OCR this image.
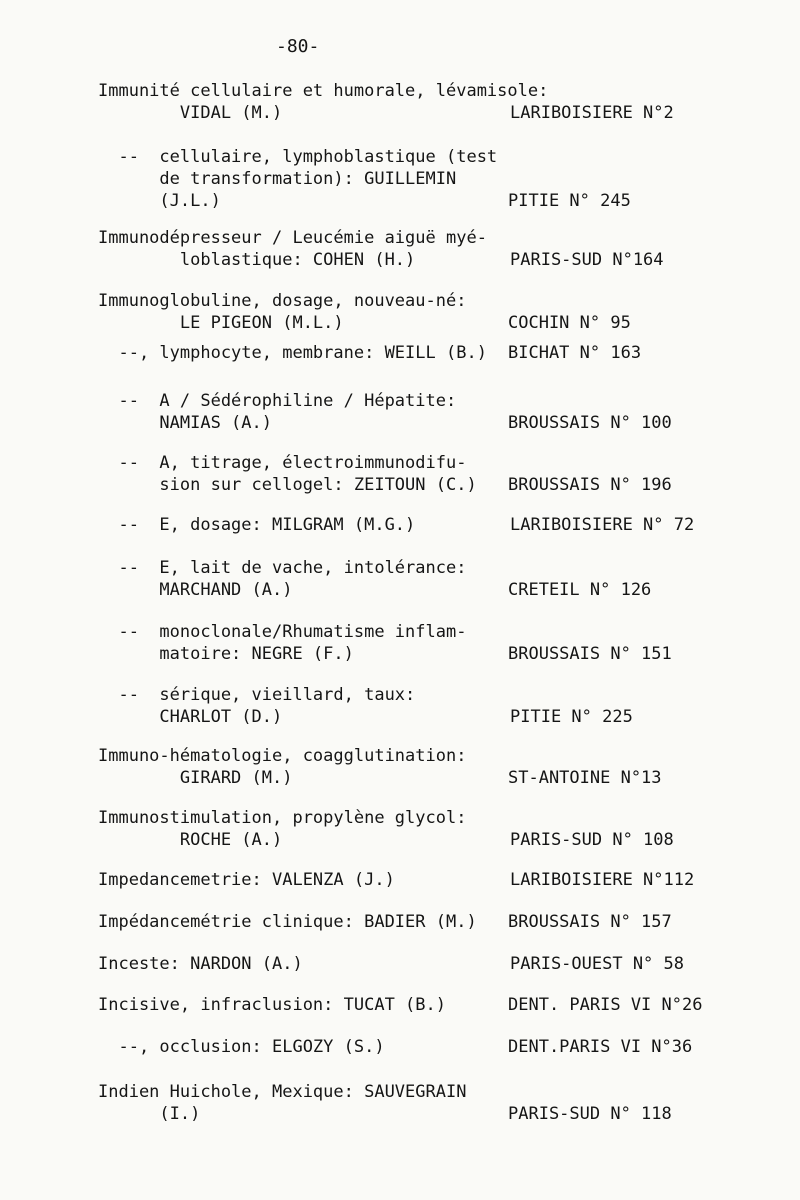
-80-
Immunité cellulaire et humorale, lévamisole:
VIDAL (M.)	LARIBOISIERE N°2
--  cellulaire, lymphoblastique (test
de transformation): GUILLEMIN
(J.L.)	PITIE N° 245
Immunodépresseur / Leucémie aiguë myé-
loblastique: COHEN (H.)	PARIS-SUD N°164
Immunoglobuline, dosage, nouveau-né:
LE PIGEON (M.L.)	COCHIN N° 95
--, lymphocyte, membrane: WEILL (B.) BICHAT N° 163
--  A / Sédérophiline / Hépatite:
NAMIAS (A.)	BROUSSAIS N° 100
--  A, titrage, électroimmunodifu-
sion sur cellogel: ZEITOUN (C.) BROUSSAIS N° 196
--  E, dosage: MILGRAM (M.G.)	LARIBOISIERE N° 72
--  E, lait de vache, intolérance:
MARCHAND (A.)	CRETEIL N° 126
--  monoclonale/Rhumatisme inflam-
matoire: NEGRE (F.)	BROUSSAIS N° 151
--  sérique, vieillard, taux:
CHARLOT (D.)	PITIE N° 225
Immuno-hématologie, coagglutination:
GIRARD (M.)	ST-ANTOINE N°13
Immunostimulation, propylène glycol:
ROCHE (A.)	PARIS-SUD N° 108
Impedancemetrie: VALENZA (J.)	LARIBOISIERE N°112
Impédancemétrie clinique: BADIER (M.) BROUSSAIS N° 157
Inceste: NARDON (A.)	PARIS-OUEST N° 58
Incisive, infraclusion: TUCAT (B.)	DENT. PARIS VI N°26
--, occlusion: ELGOZY (S.)	DENT.PARIS VI N°36
Indien Huichole, Mexique: SAUVEGRAIN
(I.)	PARIS-SUD N° 118
